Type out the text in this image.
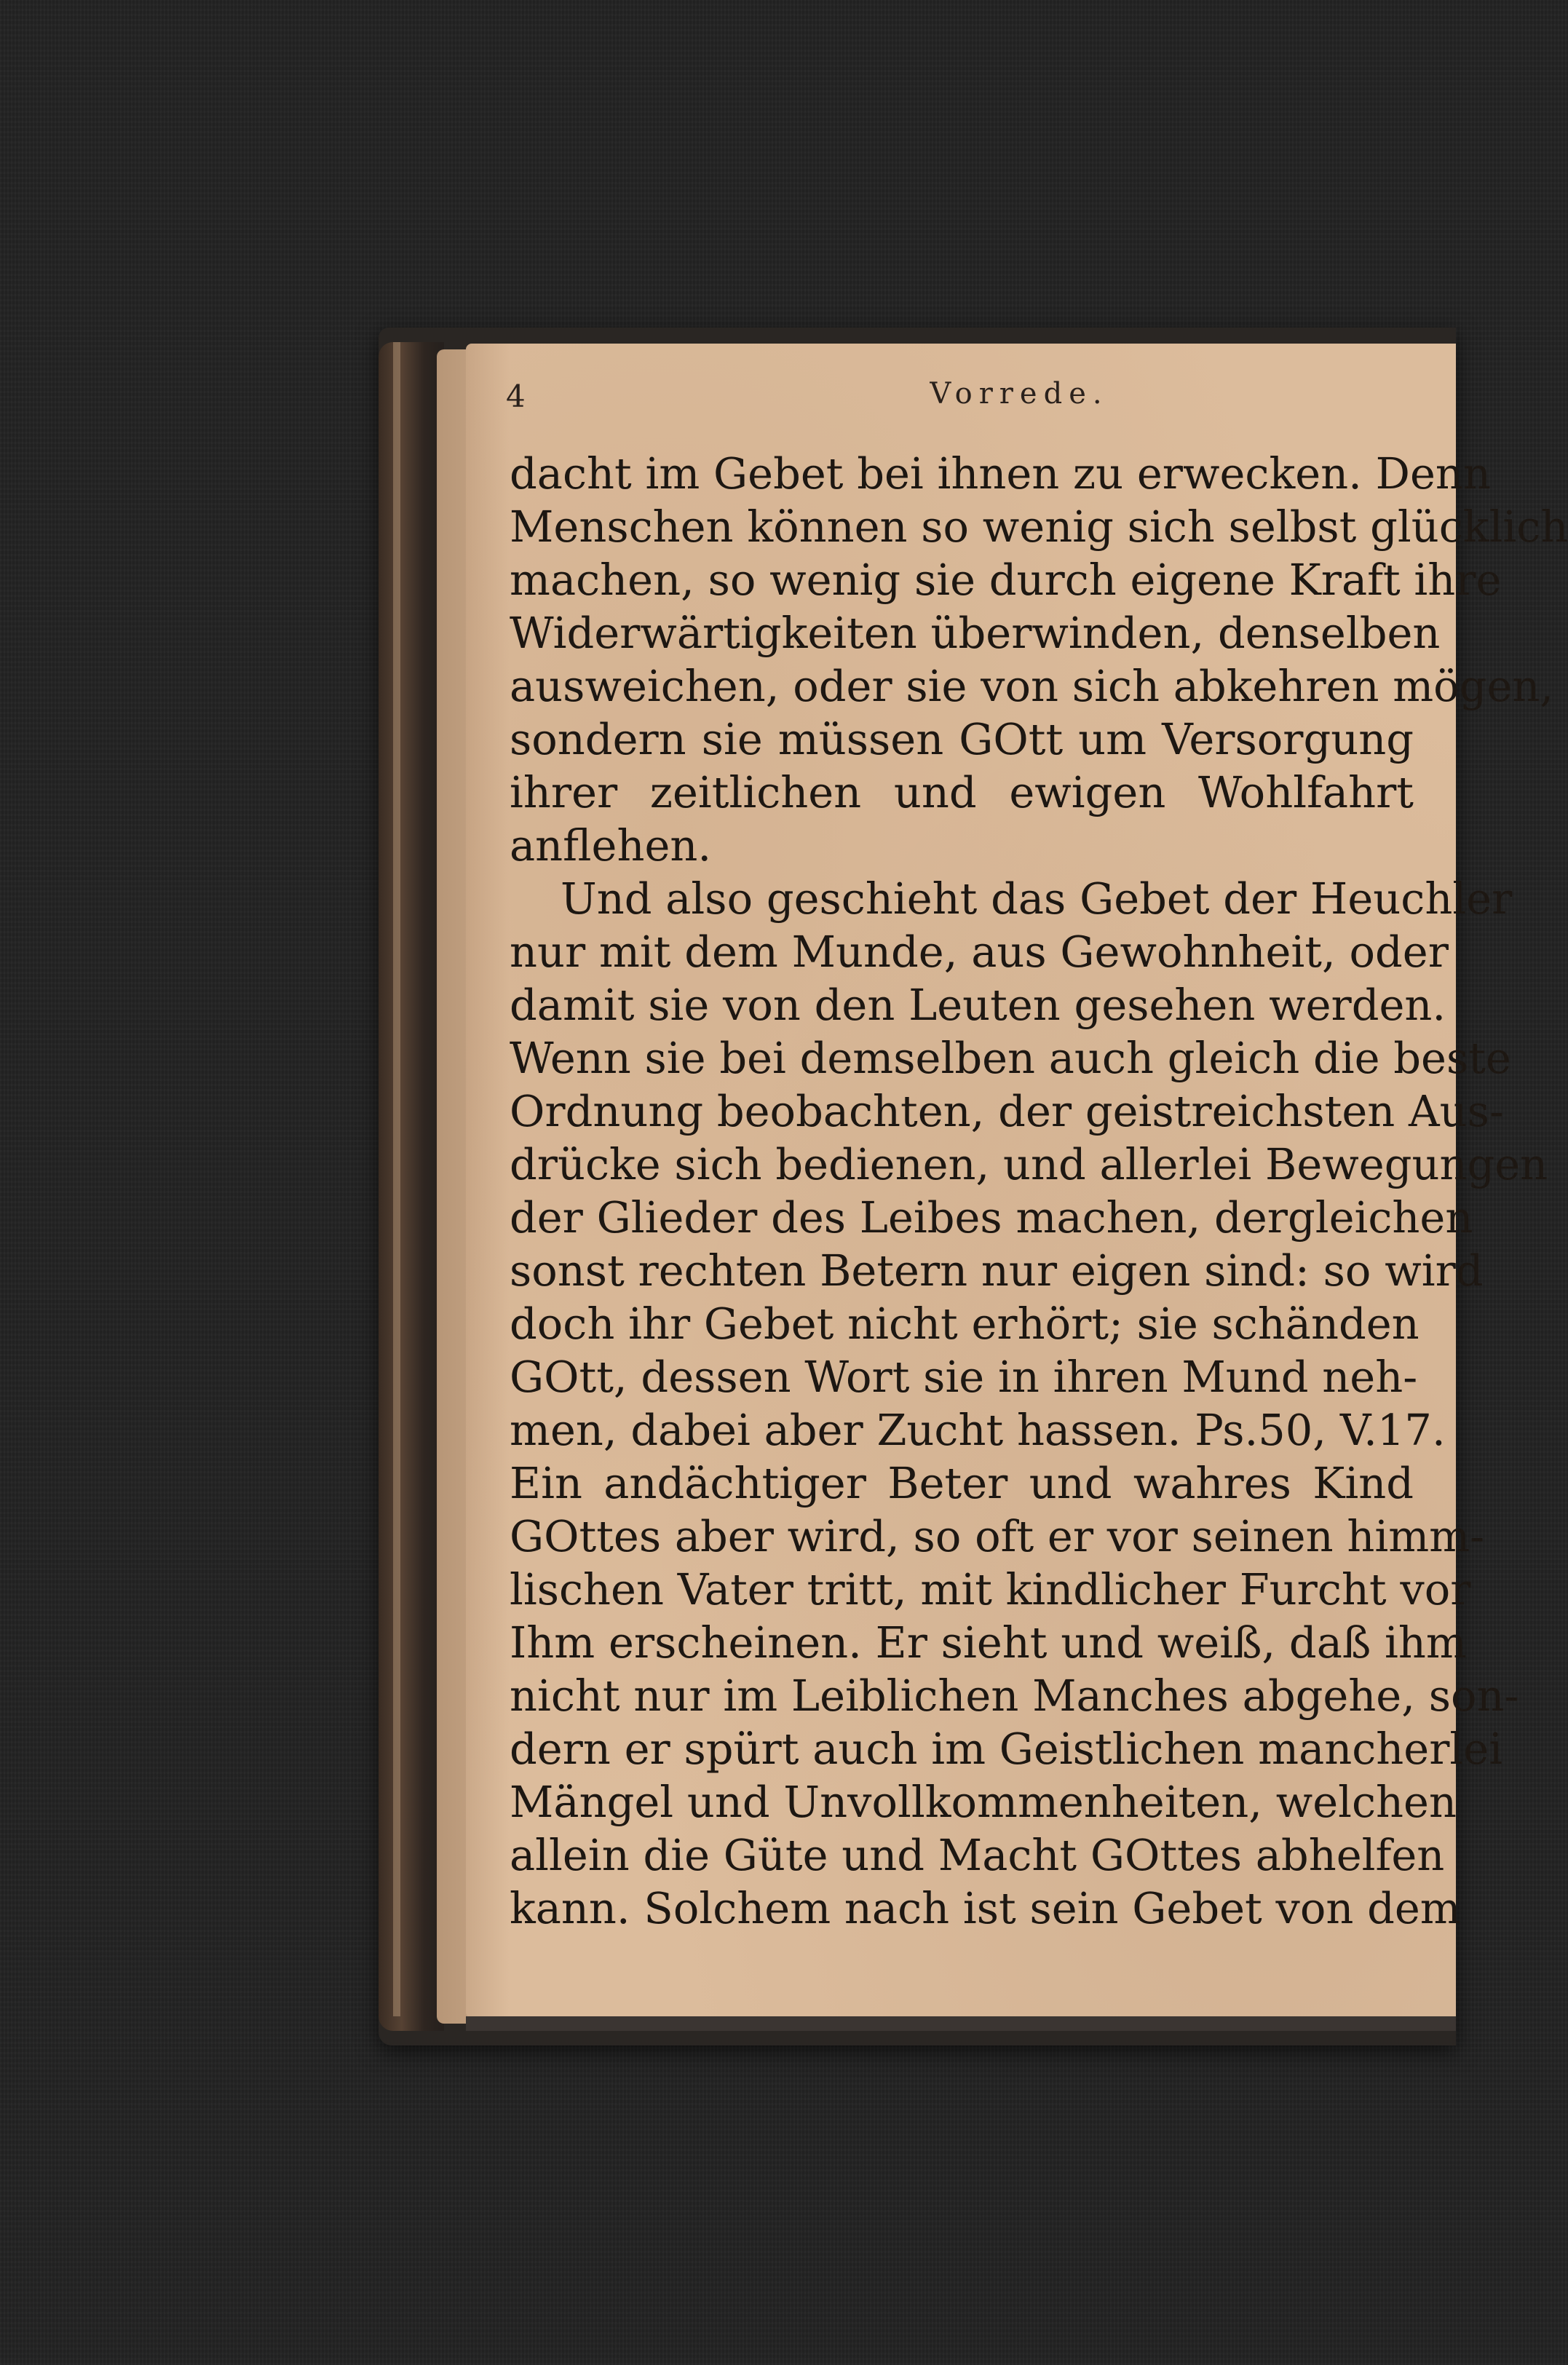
4	Vorrede.
dacht im Gebet bei ihnen zu erwecken. Denn
Menschen können so wenig sich selbst glücklich
machen, so wenig sie durch eigene Kraft ihre
Widerwärtigkeiten überwinden, denselben
ausweichen, oder sie von sich abkehren mögen,
sondern sie müssen GOtt um Versorgung
ihrer zeitlichen und ewigen Wohlfahrt
anflehen.
Und also geschieht das Gebet der Heuchler
nur mit dem Munde, aus Gewohnheit, oder
damit sie von den Leuten gesehen werden.
Wenn sie bei demselben auch gleich die beste
Ordnung beobachten, der geistreichsten Aus-
drücke sich bedienen, und allerlei Bewegungen
der Glieder des Leibes machen, dergleichen
sonst rechten Betern nur eigen sind: so wird
doch ihr Gebet nicht erhört; sie schänden
GOtt, dessen Wort sie in ihren Mund neh-
men, dabei aber Zucht hassen. Ps.50, V.17.
Ein andächtiger Beter und wahres Kind
GOttes aber wird, so oft er vor seinen himm-
lischen Vater tritt, mit kindlicher Furcht vor
Ihm erscheinen. Er sieht und weiß, daß ihm
nicht nur im Leiblichen Manches abgehe, son-
dern er spürt auch im Geistlichen mancherlei
Mängel und Unvollkommenheiten, welchen
allein die Güte und Macht GOttes abhelfen
kann. Solchem nach ist sein Gebet von dem
